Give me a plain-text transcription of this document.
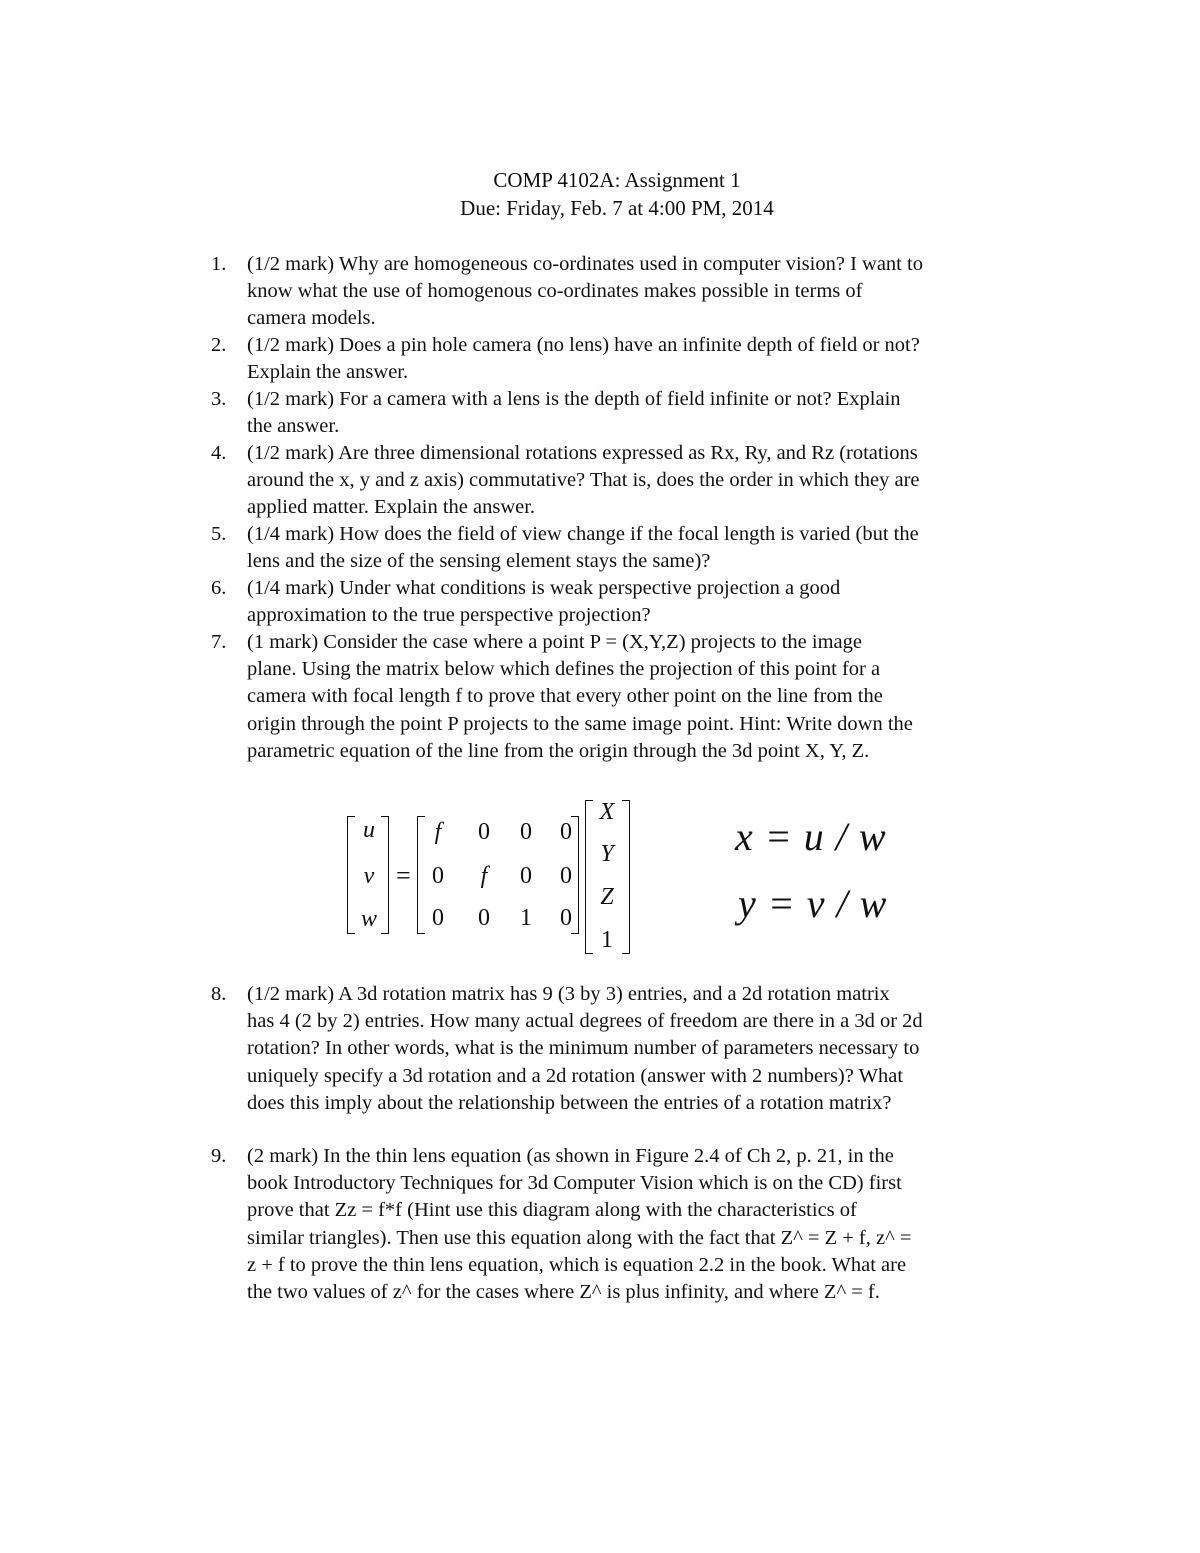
COMP 4102A: Assignment 1
Due: Friday, Feb. 7 at 4:00 PM, 2014
1. (1/2 mark) Why are homogeneous co-ordinates used in computer vision? I want to
know what the use of homogenous co-ordinates makes possible in terms of
camera models.
2. (1/2 mark) Does a pin hole camera (no lens) have an infinite depth of field or not?
Explain the answer.
3. (1/2 mark) For a camera with a lens is the depth of field infinite or not? Explain
the answer.
4. (1/2 mark) Are three dimensional rotations expressed as Rx, Ry, and Rz (rotations
around the x, y and z axis) commutative? That is, does the order in which they are
applied matter. Explain the answer.
5. (1/4 mark) How does the field of view change if the focal length is varied (but the
lens and the size of the sensing element stays the same)?
6. (1/4 mark) Under what conditions is weak perspective projection a good
approximation to the true perspective projection?
7. (1 mark) Consider the case where a point P = (X,Y,Z) projects to the image
plane. Using the matrix below which defines the projection of this point for a
camera with focal length f to prove that every other point on the line from the
origin through the point P projects to the same image point. Hint: Write down the
parametric equation of the line from the origin through the 3d point X, Y, Z.
u
v
w
=
f	0	0	0
0	f	0	0
0	0	1	0
X
Y
Z
1
x = u / w
y = v / w
8. (1/2 mark) A 3d rotation matrix has 9 (3 by 3) entries, and a 2d rotation matrix
has 4 (2 by 2) entries. How many actual degrees of freedom are there in a 3d or 2d
rotation? In other words, what is the minimum number of parameters necessary to
uniquely specify a 3d rotation and a 2d rotation (answer with 2 numbers)? What
does this imply about the relationship between the entries of a rotation matrix?
9. (2 mark) In the thin lens equation (as shown in Figure 2.4 of Ch 2, p. 21, in the
book Introductory Techniques for 3d Computer Vision which is on the CD) first
prove that Zz = f*f (Hint use this diagram along with the characteristics of
similar triangles). Then use this equation along with the fact that Z^ = Z + f, z^ =
z + f to prove the thin lens equation, which is equation 2.2 in the book. What are
the two values of z^ for the cases where Z^ is plus infinity, and where Z^ = f.
